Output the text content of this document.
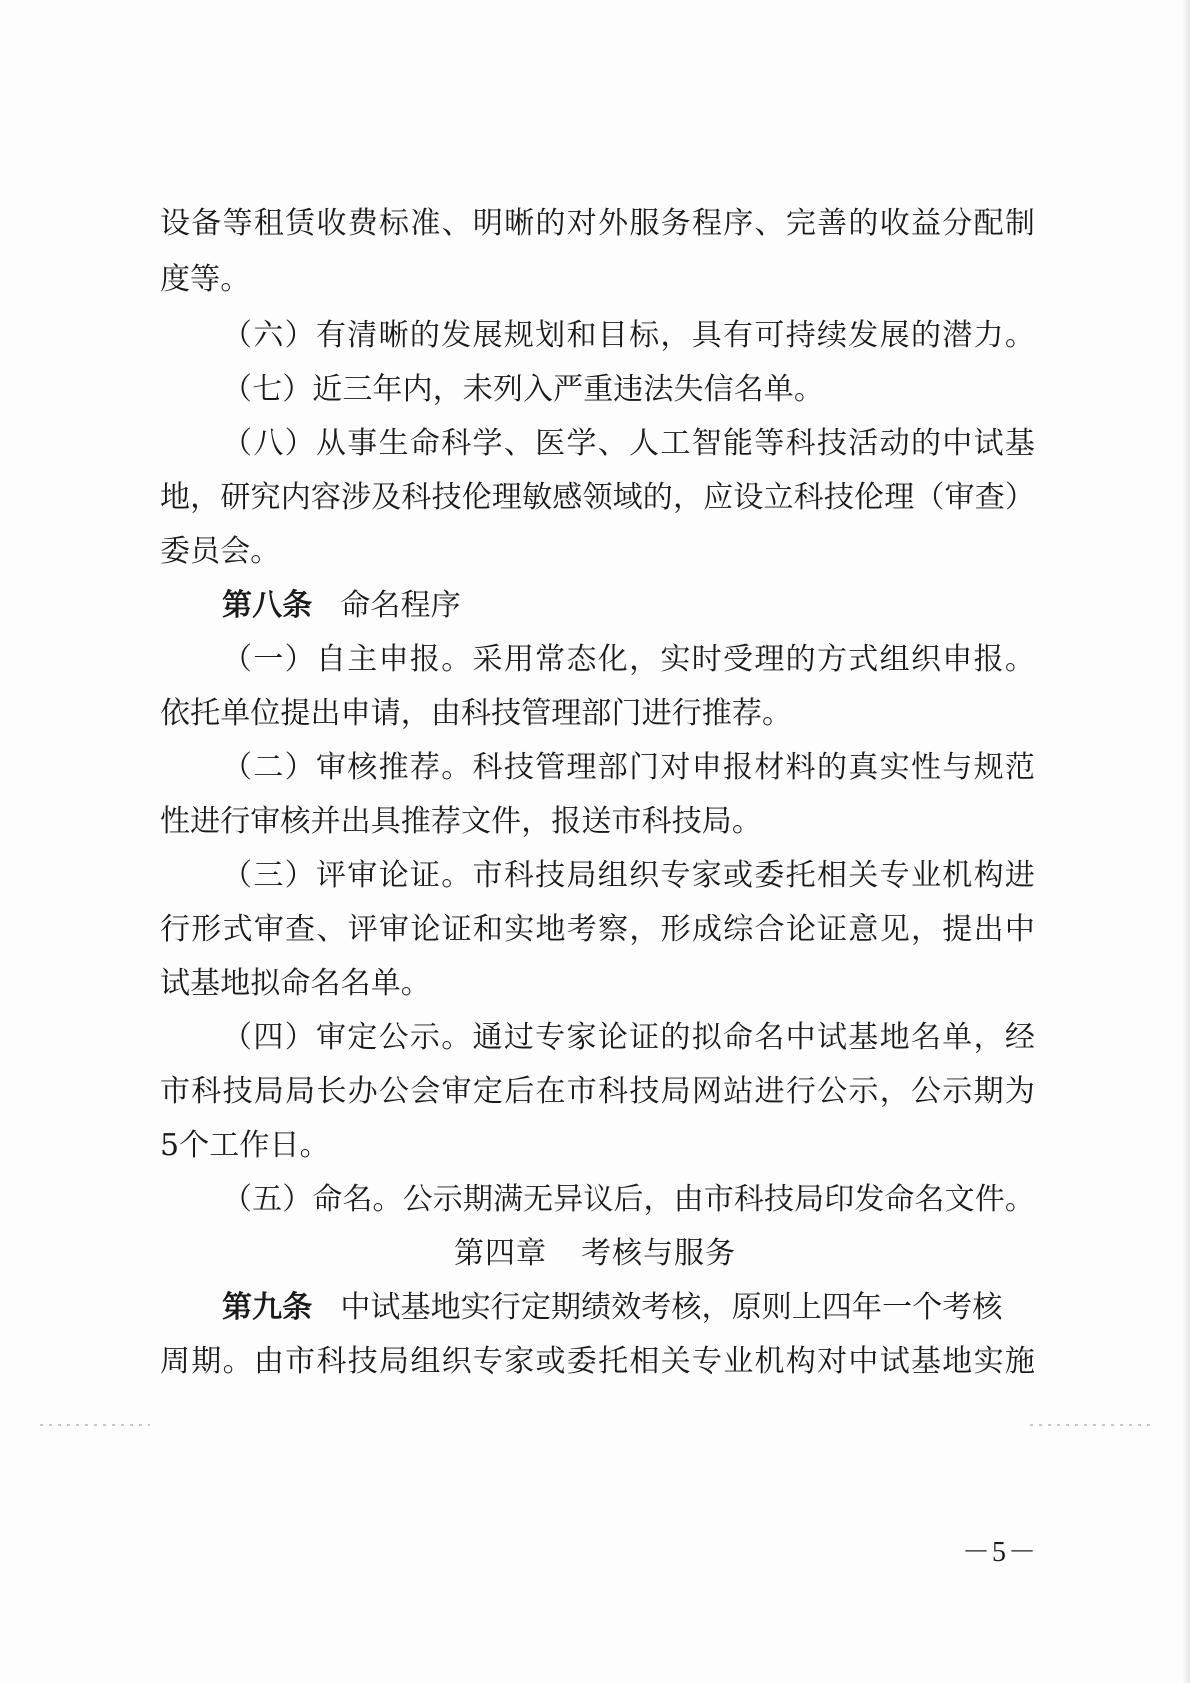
设备等租赁收费标准、明晰的对外服务程序、完善的收益分配制
度等。
（六）有清晰的发展规划和目标，具有可持续发展的潜力。
（七）近三年内，未列入严重违法失信名单。
（八）从事生命科学、医学、人工智能等科技活动的中试基
地，研究内容涉及科技伦理敏感领域的，应设立科技伦理（审查）
委员会。
第八条 命名程序
（一）自主申报。采用常态化，实时受理的方式组织申报。
依托单位提出申请，由科技管理部门进行推荐。
（二）审核推荐。科技管理部门对申报材料的真实性与规范
性进行审核并出具推荐文件，报送市科技局。
（三）评审论证。市科技局组织专家或委托相关专业机构进
行形式审查、评审论证和实地考察，形成综合论证意见，提出中
试基地拟命名名单。
（四）审定公示。通过专家论证的拟命名中试基地名单，经
市科技局局长办公会审定后在市科技局网站进行公示，公示期为
5个工作日。
（五）命名。公示期满无异议后，由市科技局印发命名文件。
第四章 考核与服务
第九条 中试基地实行定期绩效考核，原则上四年一个考核
周期。由市科技局组织专家或委托相关专业机构对中试基地实施
－5－
